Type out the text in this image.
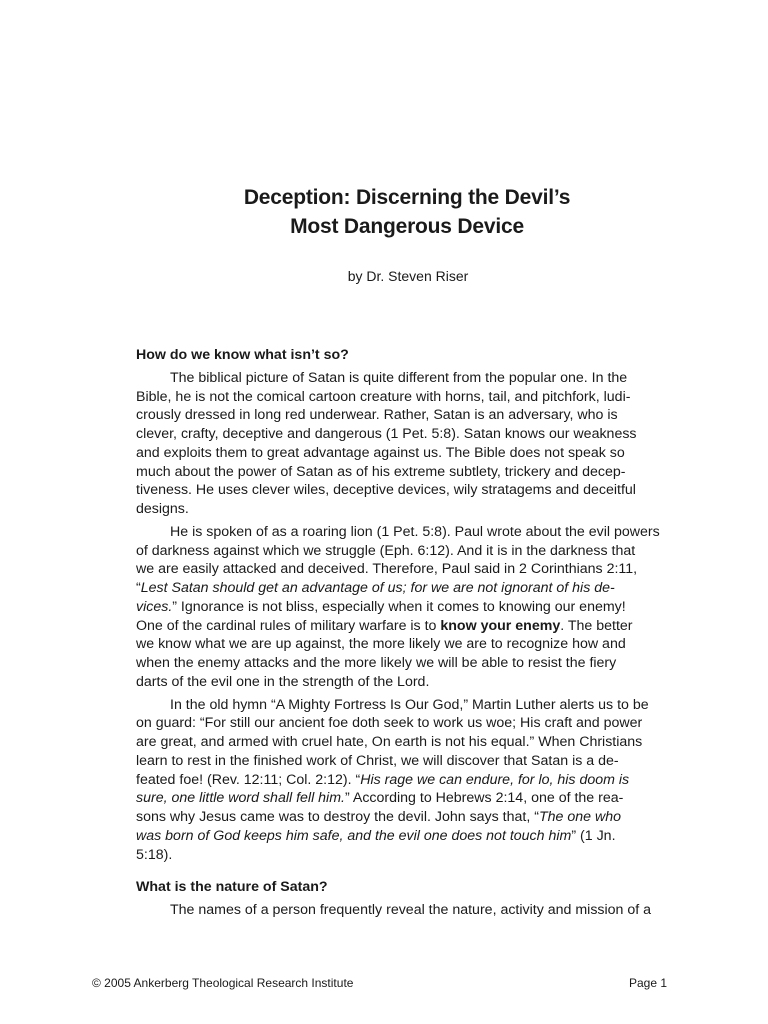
Deception: Discerning the Devil’s
Most Dangerous Device
by Dr. Steven Riser
How do we know what isn’t so?
The biblical picture of Satan is quite different from the popular one. In the
Bible, he is not the comical cartoon creature with horns, tail, and pitchfork, ludi-
crously dressed in long red underwear. Rather, Satan is an adversary, who is
clever, crafty, deceptive and dangerous (1 Pet. 5:8). Satan knows our weakness
and exploits them to great advantage against us. The Bible does not speak so
much about the power of Satan as of his extreme subtlety, trickery and decep-
tiveness. He uses clever wiles, deceptive devices, wily stratagems and deceitful
designs.
He is spoken of as a roaring lion (1 Pet. 5:8). Paul wrote about the evil powers
of darkness against which we struggle (Eph. 6:12). And it is in the darkness that
we are easily attacked and deceived. Therefore, Paul said in 2 Corinthians 2:11,
“Lest Satan should get an advantage of us; for we are not ignorant of his de-
vices.” Ignorance is not bliss, especially when it comes to knowing our enemy!
One of the cardinal rules of military warfare is to know your enemy. The better
we know what we are up against, the more likely we are to recognize how and
when the enemy attacks and the more likely we will be able to resist the fiery
darts of the evil one in the strength of the Lord.
In the old hymn “A Mighty Fortress Is Our God,” Martin Luther alerts us to be
on guard: “For still our ancient foe doth seek to work us woe; His craft and power
are great, and armed with cruel hate, On earth is not his equal.” When Christians
learn to rest in the finished work of Christ, we will discover that Satan is a de-
feated foe! (Rev. 12:11; Col. 2:12). “His rage we can endure, for lo, his doom is
sure, one little word shall fell him.” According to Hebrews 2:14, one of the rea-
sons why Jesus came was to destroy the devil. John says that, “The one who
was born of God keeps him safe, and the evil one does not touch him” (1 Jn.
5:18).
What is the nature of Satan?
The names of a person frequently reveal the nature, activity and mission of a
© 2005 Ankerberg Theological Research Institute	Page 1
